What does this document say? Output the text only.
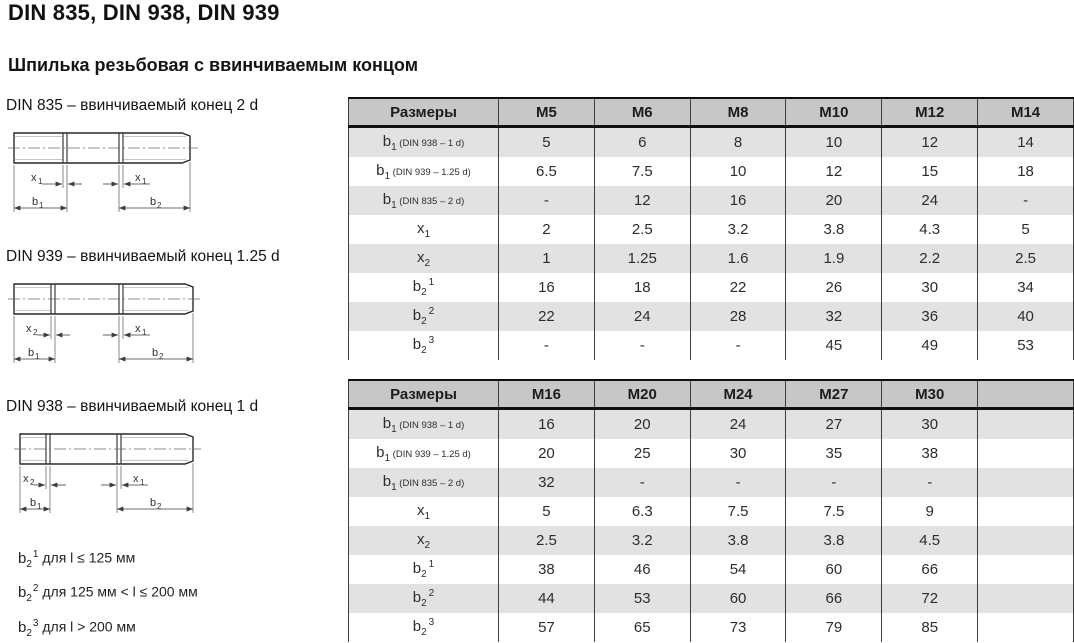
DIN 835, DIN 938, DIN 939
Шпилька резьбовая с ввинчиваемым концом
DIN 835 – ввинчиваемый конец 2 d
x 1	x 1
b 1	b 2
DIN 939 – ввинчиваемый конец 1.25 d
x 2	x 1
b 1	b 2
DIN 938 – ввинчиваемый конец 1 d
x 2	x 1
b 1	b 2
$b_2^1$ для l ≤ 125 мм
$b_2^2$ для 125 мм < l ≤ 200 мм
$b_2^3$ для l > 200 мм
Размеры	M5	M6	M8	M10	M12	M14
$b_1$ (DIN 938 – 1 d)	5	6	8	10	12	14
$b_1$ (DIN 939 – 1.25 d)	6.5	7.5	10	12	15	18
$b_1$ (DIN 835 – 2 d)	-	12	16	20	24	-
$x_1$	2	2.5	3.2	3.8	4.3	5
$x_2$	1	1.25	1.6	1.9	2.2	2.5
$b_2^1$	16	18	22	26	30	34
$b_2^2$	22	24	28	32	36	40
$b_2^3$	-	-	-	45	49	53
Размеры	M16	M20	M24	M27	M30	
$b_1$ (DIN 938 – 1 d)	16	20	24	27	30	
$b_1$ (DIN 939 – 1.25 d)	20	25	30	35	38	
$b_1$ (DIN 835 – 2 d)	32	-	-	-	-	
$x_1$	5	6.3	7.5	7.5	9	
$x_2$	2.5	3.2	3.8	3.8	4.5	
$b_2^1$	38	46	54	60	66	
$b_2^2$	44	53	60	66	72	
$b_2^3$	57	65	73	79	85	
